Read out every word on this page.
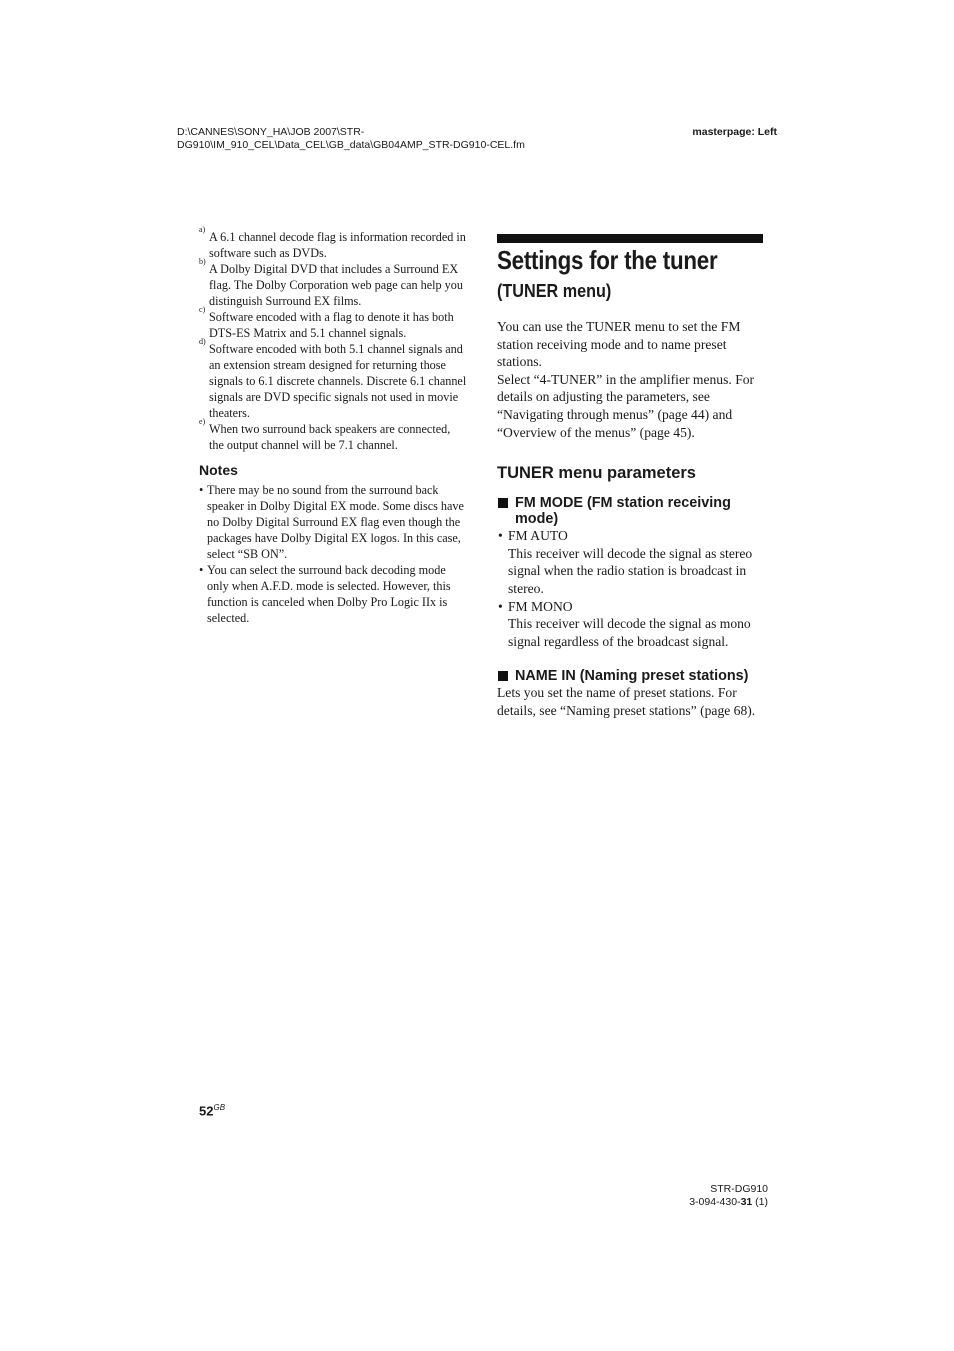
D:\CANNES\SONY_HA\JOB 2007\STR-
DG910\IM_910_CEL\Data_CEL\GB_data\GB04AMP_STR-DG910-CEL.fm
masterpage: Left
a)
A 6.1 channel decode flag is information recorded in software such as DVDs.
b)
A Dolby Digital DVD that includes a Surround EX flag. The Dolby Corporation web page can help you distinguish Surround EX films.
c)
Software encoded with a flag to denote it has both DTS-ES Matrix and 5.1 channel signals.
d)
Software encoded with both 5.1 channel signals and an extension stream designed for returning those signals to 6.1 discrete channels. Discrete 6.1 channel signals are DVD specific signals not used in movie theaters.
e)
When two surround back speakers are connected, the output channel will be 7.1 channel.
Notes
• There may be no sound from the surround back speaker in Dolby Digital EX mode. Some discs have no Dolby Digital Surround EX flag even though the packages have Dolby Digital EX logos. In this case, select “SB ON”.
• You can select the surround back decoding mode only when A.F.D. mode is selected. However, this function is canceled when Dolby Pro Logic IIx is selected.
Settings for the tuner
(TUNER menu)
You can use the TUNER menu to set the FM station receiving mode and to name preset stations.
Select “4-TUNER” in the amplifier menus. For details on adjusting the parameters, see “Navigating through menus” (page 44) and “Overview of the menus” (page 45).
TUNER menu parameters
FM MODE (FM station receiving mode)
• FM AUTO
This receiver will decode the signal as stereo signal when the radio station is broadcast in stereo.
• FM MONO
This receiver will decode the signal as mono signal regardless of the broadcast signal.
NAME IN (Naming preset stations)
Lets you set the name of preset stations. For details, see “Naming preset stations” (page 68).
$52^{GB}$
STR-DG910
3-094-430-31 (1)
